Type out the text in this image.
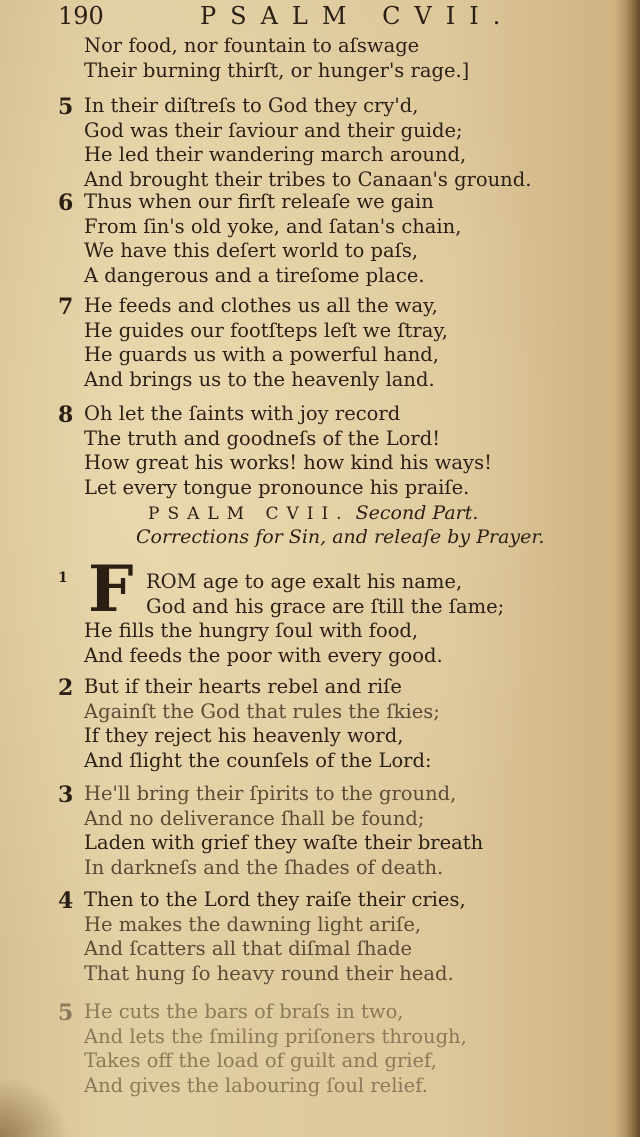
190	PSALM CVII.
Nor food, nor fountain to aſswage
Their burning thirſt, or hunger's rage.]
5 In their diſtreſs to God they cry'd,
God was their ſaviour and their guide;
He led their wandering march around,
And brought their tribes to Canaan's ground.
6 Thus when our firſt releaſe we gain
From ſin's old yoke, and ſatan's chain,
We have this deſert world to paſs,
A dangerous and a tireſome place.
7 He feeds and clothes us all the way,
He guides our footſteps leſt we ſtray,
He guards us with a powerful hand,
And brings us to the heavenly land.
8 Oh let the ſaints with joy record
The truth and goodneſs of the Lord!
How great his works! how kind his ways!
Let every tongue pronounce his praiſe.
PSALM CVII. Second Part.
Corrections for Sin, and releaſe by Prayer.
1 F ROM age to age exalt his name,
God and his grace are ſtill the ſame;
He fills the hungry ſoul with food,
And feeds the poor with every good.
2 But if their hearts rebel and riſe
Againſt the God that rules the ſkies;
If they reject his heavenly word,
And ſlight the counſels of the Lord:
3 He'll bring their ſpirits to the ground,
And no deliverance ſhall be found;
Laden with grief they waſte their breath
In darkneſs and the ſhades of death.
4 Then to the Lord they raiſe their cries,
He makes the dawning light ariſe,
And ſcatters all that diſmal ſhade
That hung ſo heavy round their head.
5 He cuts the bars of braſs in two,
And lets the ſmiling priſoners through,
Takes off the load of guilt and grief,
And gives the labouring ſoul relief.
